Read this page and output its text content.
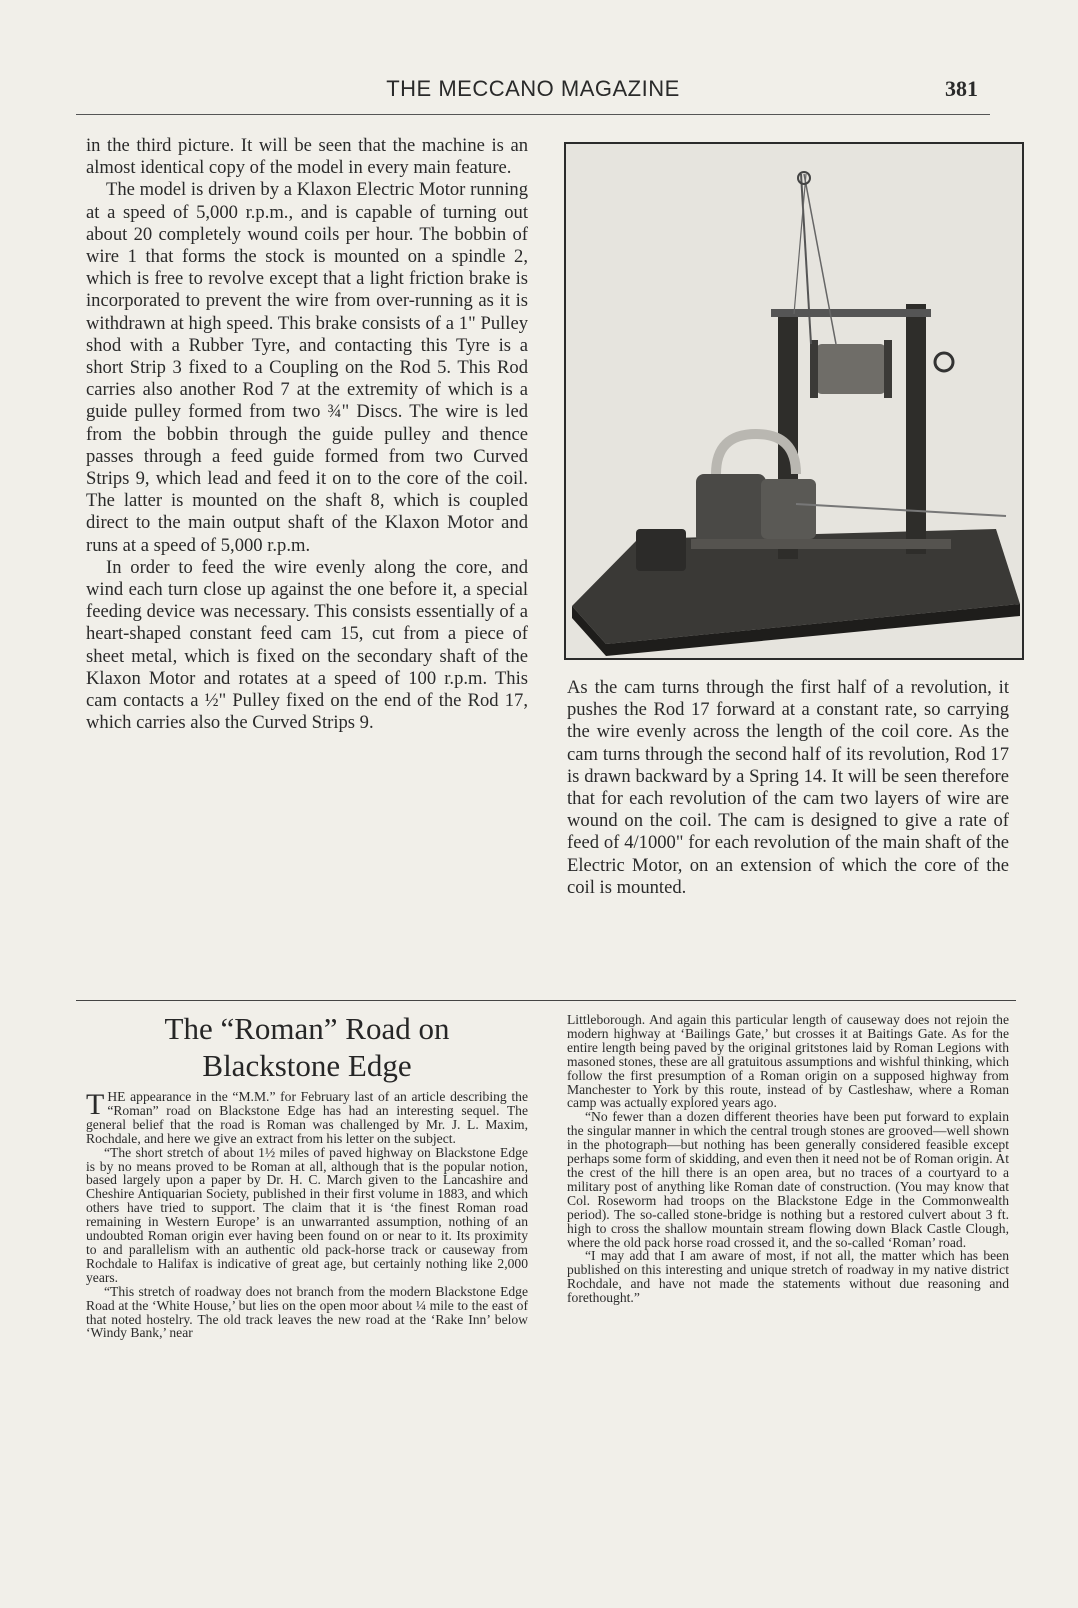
THE MECCANO MAGAZINE	381

in the third picture. It will be seen that the machine is an almost identical copy of the model in every main feature.

The model is driven by a Klaxon Electric Motor running at a speed of 5,000 r.p.m., and is capable of turning out about 20 completely wound coils per hour. The bobbin of wire 1 that forms the stock is mounted on a spindle 2, which is free to revolve except that a light friction brake is incorporated to prevent the wire from over-running as it is withdrawn at high speed. This brake consists of a 1" Pulley shod with a Rubber Tyre, and contacting this Tyre is a short Strip 3 fixed to a Coupling on the Rod 5. This Rod carries also another Rod 7 at the extremity of which is a guide pulley formed from two ¾" Discs. The wire is led from the bobbin through the guide pulley and thence passes through a feed guide formed from two Curved Strips 9, which lead and feed it on to the core of the coil. The latter is mounted on the shaft 8, which is coupled direct to the main output shaft of the Klaxon Motor and runs at a speed of 5,000 r.p.m.

In order to feed the wire evenly along the core, and wind each turn close up against the one before it, a special feeding device was necessary. This consists essentially of a heart-shaped constant feed cam 15, cut from a piece of sheet metal, which is fixed on the secondary shaft of the Klaxon Motor and rotates at a speed of 100 r.p.m. This cam contacts a ½" Pulley fixed on the end of the Rod 17, which carries also the Curved Strips 9.

As the cam turns through the first half of a revolution, it pushes the Rod 17 forward at a constant rate, so carrying the wire evenly across the length of the coil core. As the cam turns through the second half of its revolution, Rod 17 is drawn backward by a Spring 14. It will be seen therefore that for each revolution of the cam two layers of wire are wound on the coil. The cam is designed to give a rate of feed of 4/1000" for each revolution of the main shaft of the Electric Motor, on an extension of which the core of the coil is mounted.

The “Roman” Road on
Blackstone Edge

THE appearance in the “M.M.” for February last of an article describing the “Roman” road on Blackstone Edge has had an interesting sequel. The general belief that the road is Roman was challenged by Mr. J. L. Maxim, Rochdale, and here we give an extract from his letter on the subject.

“The short stretch of about 1½ miles of paved highway on Blackstone Edge is by no means proved to be Roman at all, although that is the popular notion, based largely upon a paper by Dr. H. C. March given to the Lancashire and Cheshire Antiquarian Society, published in their first volume in 1883, and which others have tried to support. The claim that it is ‘the finest Roman road remaining in Western Europe’ is an unwarranted assumption, nothing of an undoubted Roman origin ever having been found on or near to it. Its proximity to and parallelism with an authentic old pack-horse track or causeway from Rochdale to Halifax is indicative of great age, but certainly nothing like 2,000 years.

“This stretch of roadway does not branch from the modern Blackstone Edge Road at the ‘White House,’ but lies on the open moor about ¼ mile to the east of that noted hostelry. The old track leaves the new road at the ‘Rake Inn’ below ‘Windy Bank,’ near

Littleborough. And again this particular length of causeway does not rejoin the modern highway at ‘Bailings Gate,’ but crosses it at Baitings Gate. As for the entire length being paved by the original gritstones laid by Roman Legions with masoned stones, these are all gratuitous assumptions and wishful thinking, which follow the first presumption of a Roman origin on a supposed highway from Manchester to York by this route, instead of by Castleshaw, where a Roman camp was actually explored years ago.

“No fewer than a dozen different theories have been put forward to explain the singular manner in which the central trough stones are grooved—well shown in the photograph—but nothing has been generally considered feasible except perhaps some form of skidding, and even then it need not be of Roman origin. At the crest of the hill there is an open area, but no traces of a courtyard to a military post of anything like Roman date of construction. (You may know that Col. Roseworm had troops on the Blackstone Edge in the Commonwealth period). The so-called stone-bridge is nothing but a restored culvert about 3 ft. high to cross the shallow mountain stream flowing down Black Castle Clough, where the old pack horse road crossed it, and the so-called ‘Roman’ road.

“I may add that I am aware of most, if not all, the matter which has been published on this interesting and unique stretch of roadway in my native district Rochdale, and have not made the statements without due reasoning and forethought.”
